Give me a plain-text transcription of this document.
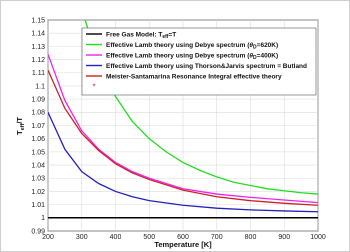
200	300	400	500	600	700	800	900	1000
0.99
1
1.01
1.02
1.03
1.04
1.05
1.06
1.07
1.08
1.09
1.1
1.11
1.12
1.13
1.14
1.15
Temperature [K]
$T_{eff}/T$
Free Gas Model: $T_{eff}=T$
Effective Lamb theory using Debye spectrum $(\theta_D=620K)$
Effective Lamb theory using Debye spectrum $(\theta_D=400K)$
Effective Lamb theory using Thorson&Jarvis spectrum = Butland
Meister-Santamarina Resonance Integral effective theory
*
